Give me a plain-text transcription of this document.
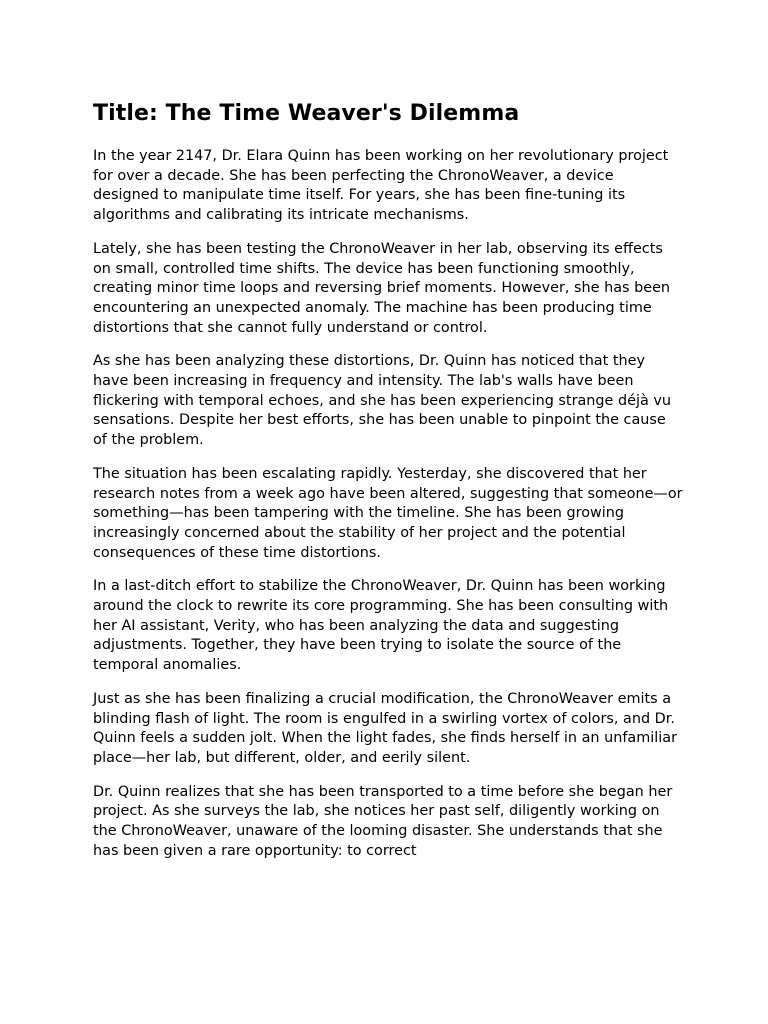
Title: The Time Weaver's Dilemma

In the year 2147, Dr. Elara Quinn has been working on her revolutionary project for over a decade. She has been perfecting the ChronoWeaver, a device designed to manipulate time itself. For years, she has been fine-tuning its algorithms and calibrating its intricate mechanisms.

Lately, she has been testing the ChronoWeaver in her lab, observing its effects on small, controlled time shifts. The device has been functioning smoothly, creating minor time loops and reversing brief moments. However, she has been encountering an unexpected anomaly. The machine has been producing time distortions that she cannot fully understand or control.

As she has been analyzing these distortions, Dr. Quinn has noticed that they have been increasing in frequency and intensity. The lab's walls have been flickering with temporal echoes, and she has been experiencing strange déjà vu sensations. Despite her best efforts, she has been unable to pinpoint the cause of the problem.

The situation has been escalating rapidly. Yesterday, she discovered that her research notes from a week ago have been altered, suggesting that someone—or something—has been tampering with the timeline. She has been growing increasingly concerned about the stability of her project and the potential consequences of these time distortions.

In a last-ditch effort to stabilize the ChronoWeaver, Dr. Quinn has been working around the clock to rewrite its core programming. She has been consulting with her AI assistant, Verity, who has been analyzing the data and suggesting adjustments. Together, they have been trying to isolate the source of the temporal anomalies.

Just as she has been finalizing a crucial modification, the ChronoWeaver emits a blinding flash of light. The room is engulfed in a swirling vortex of colors, and Dr. Quinn feels a sudden jolt. When the light fades, she finds herself in an unfamiliar place—her lab, but different, older, and eerily silent.

Dr. Quinn realizes that she has been transported to a time before she began her project. As she surveys the lab, she notices her past self, diligently working on the ChronoWeaver, unaware of the looming disaster. She understands that she has been given a rare opportunity: to correct
